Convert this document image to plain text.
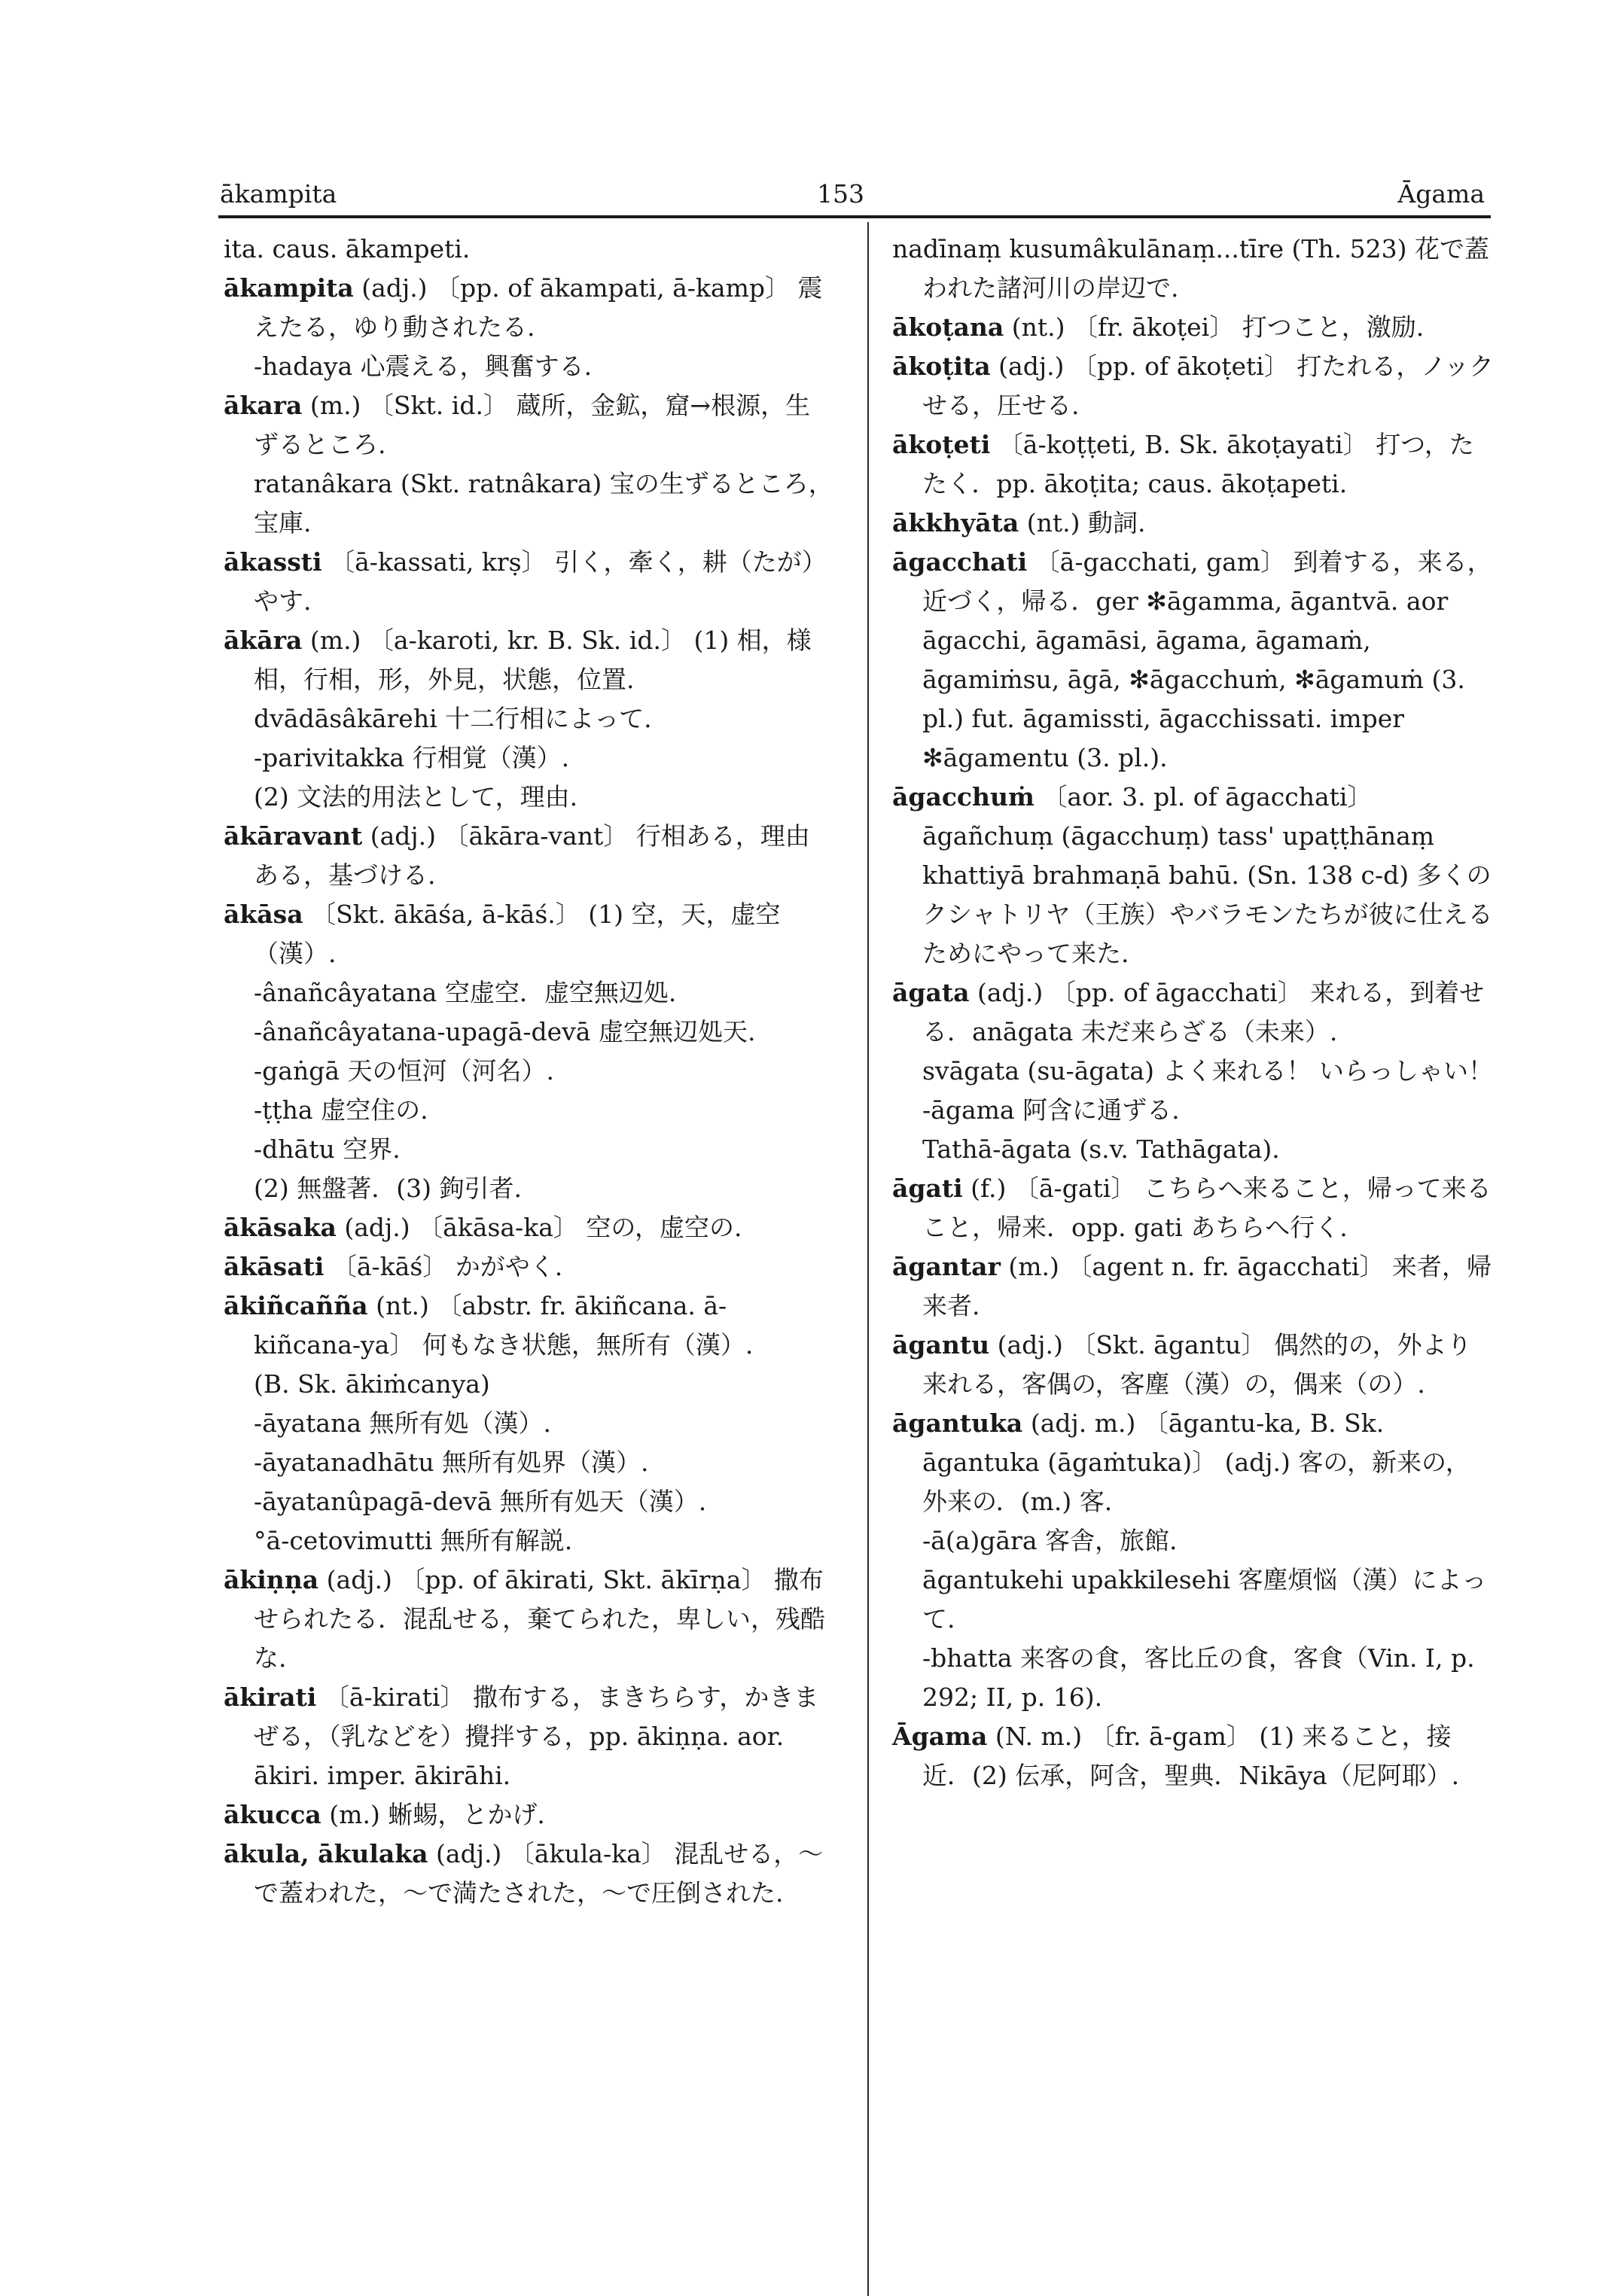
ākampita	153	Āgama

ita. caus. ākampeti.

ākampita (adj.) 〔pp. of ākampati, ā-kamp〕 震えたる，ゆり動されたる.

-hadaya 心震える，興奮する.

ākara (m.) 〔Skt. id.〕 蔵所，金鉱，窟→根源，生ずるところ.

ratanâkara (Skt. ratnâkara) 宝の生ずるところ，宝庫.

ākassti 〔ā-kassati, krṣ〕 引く，牽く，耕（たが）やす.

ākāra (m.) 〔a-karoti, kr. B. Sk. id.〕 (1) 相，様相，行相，形，外見，状態，位置.

dvādāsâkārehi 十二行相によって.

-parivitakka 行相覚（漢）.

(2) 文法的用法として，理由.

ākāravant (adj.) 〔ākāra-vant〕 行相ある，理由ある，基づける.

ākāsa 〔Skt. ākāśa, ā-kāś.〕 (1) 空，天，虚空（漢）.

-ânañcâyatana 空虚空．虚空無辺処.

-ânañcâyatana-upagā-devā 虚空無辺処天.

-gaṅgā 天の恒河（河名）.

-ṭṭha 虚空住の.

-dhātu 空界.

(2) 無盤著．(3) 鉤引者.

ākāsaka (adj.) 〔ākāsa-ka〕 空の，虚空の.

ākāsati 〔ā-kāś〕 かがやく.

ākiñcañña (nt.) 〔abstr. fr. ākiñcana. ā-kiñcana-ya〕 何もなき状態，無所有（漢）.

(B. Sk. ākiṁcanya)

-āyatana 無所有処（漢）.

-āyatanadhātu 無所有処界（漢）.

-āyatanûpagā-devā 無所有処天（漢）.

°ā-cetovimutti 無所有解説.

ākiṇṇa (adj.) 〔pp. of ākirati, Skt. ākīrṇa〕 撒布せられたる．混乱せる，棄てられた，卑しい，残酷な.

ākirati 〔ā-kirati〕 撒布する，まきちらす，かきまぜる，（乳などを）攪拌する，pp. ākiṇṇa. aor. ākiri. imper. ākirāhi.

ākucca (m.) 蜥蜴，とかげ.

ākula, ākulaka (adj.) 〔ākula-ka〕 混乱せる，～で蓋われた，～で満たされた，～で圧倒された.

nadīnaṃ kusumâkulānaṃ...tīre (Th. 523) 花で蓋われた諸河川の岸辺で.

ākoṭana (nt.) 〔fr. ākoṭei〕 打つこと，激励.

ākoṭita (adj.) 〔pp. of ākoṭeti〕 打たれる，ノックせる，圧せる.

ākoṭeti 〔ā-koṭṭeti, B. Sk. ākoṭayati〕 打つ，たたく．pp. ākoṭita; caus. ākoṭapeti.

ākkhyāta (nt.) 動詞.

āgacchati 〔ā-gacchati, gam〕 到着する，来る，近づく，帰る．ger ✻āgamma, āgantvā. aor āgacchi, āgamāsi, āgama, āgamaṁ, āgamiṁsu, āgā, ✻āgacchuṁ, ✻āgamuṁ (3. pl.) fut. āgamissti, āgacchissati. imper ✻āgamentu (3. pl.).

āgacchuṁ 〔aor. 3. pl. of āgacchati〕

āgañchuṃ (āgacchuṃ) tass' upaṭṭhānaṃ khattiyā brahmaṇā bahū. (Sn. 138 c-d) 多くのクシャトリヤ（王族）やバラモンたちが彼に仕えるためにやって来た.

āgata (adj.) 〔pp. of āgacchati〕 来れる，到着せる．anāgata 未だ来らざる（未来）.

svāgata (su-āgata) よく来れる！ いらっしゃい！

-āgama 阿含に通ずる.

Tathā-āgata (s.v. Tathāgata).

āgati (f.) 〔ā-gati〕 こちらへ来ること，帰って来ること，帰来．opp. gati あちらへ行く.

āgantar (m.) 〔agent n. fr. āgacchati〕 来者，帰来者.

āgantu (adj.) 〔Skt. āgantu〕 偶然的の，外より来れる，客偶の，客塵（漢）の，偶来（の）.

āgantuka (adj. m.) 〔āgantu-ka, B. Sk. āgantuka (āgaṁtuka)〕 (adj.) 客の，新来の，外来の．(m.) 客.

-ā(a)gāra 客舎，旅館.

āgantukehi upakkilesehi 客塵煩悩（漢）によって.

-bhatta 来客の食，客比丘の食，客食（Vin. I, p. 292; II, p. 16).

Āgama (N. m.) 〔fr. ā-gam〕 (1) 来ること，接近．(2) 伝承，阿含，聖典．Nikāya（尼阿耶）.
